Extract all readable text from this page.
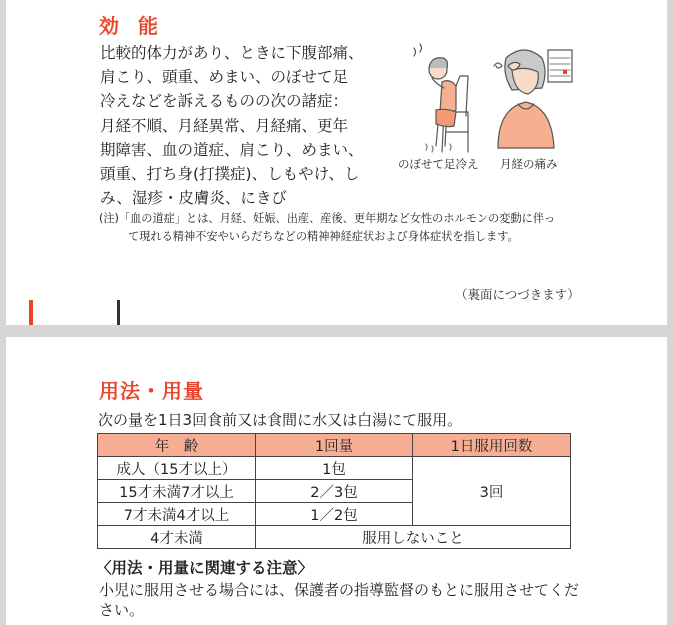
効 能
比較的体力があり、ときに下腹部痛、
肩こり、頭重、めまい、のぼせて足
冷えなどを訴えるものの次の諸症：
月経不順、月経異常、月経痛、更年
期障害、血の道症、肩こり、めまい、
頭重、打ち身(打撲症)、しもやけ、し
み、湿疹・皮膚炎、にきび
のぼせて足冷え 月経の痛み
(注)「血の道症」とは、月経、妊娠、出産、産後、更年期など女性のホルモンの変動に伴っ
て現れる精神不安やいらだちなどの精神神経症状および身体症状を指します。
（裏面につづきます）
用法・用量
次の量を1日3回食前又は食間に水又は白湯にて服用。
年　齢	1回量	1日服用回数
成人（15才以上）	1包	3回
15才未満7才以上	2／3包	
7才未満4才以上	1／2包	
4才未満	服用しないこと	
〈用法・用量に関連する注意〉
小児に服用させる場合には、保護者の指導監督のもとに服用させてください。
